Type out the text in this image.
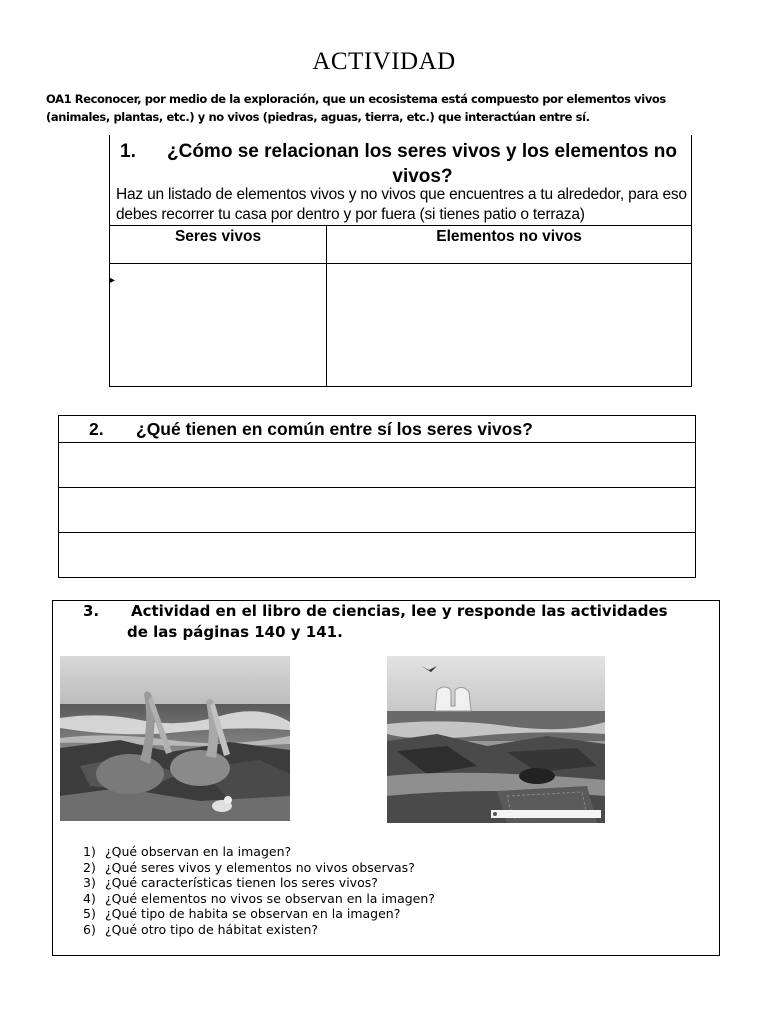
ACTIVIDAD
OA1 Reconocer, por medio de la exploración, que un ecosistema está compuesto por elementos vivos (animales, plantas, etc.) y no vivos (piedras, aguas, tierra, etc.) que interactúan entre sí.
1. ¿Cómo se relacionan los seres vivos y los elementos no
vivos?
Haz un listado de elementos vivos y no vivos que encuentres a tu alrededor, para eso debes recorrer tu casa por dentro y por fuera (si tienes patio o terraza)
Seres vivos	Elementos no vivos

▸
2. ¿Qué tienen en común entre sí los seres vivos?
3. Actividad en el libro de ciencias, lee y responde las actividades
de las páginas 140 y 141.
1) ¿Qué observan en la imagen?
2) ¿Qué seres vivos y elementos no vivos observas?
3) ¿Qué características tienen los seres vivos?
4) ¿Qué elementos no vivos se observan en la imagen?
5) ¿Qué tipo de habita se observan en la imagen?
6) ¿Qué otro tipo de hábitat existen?
